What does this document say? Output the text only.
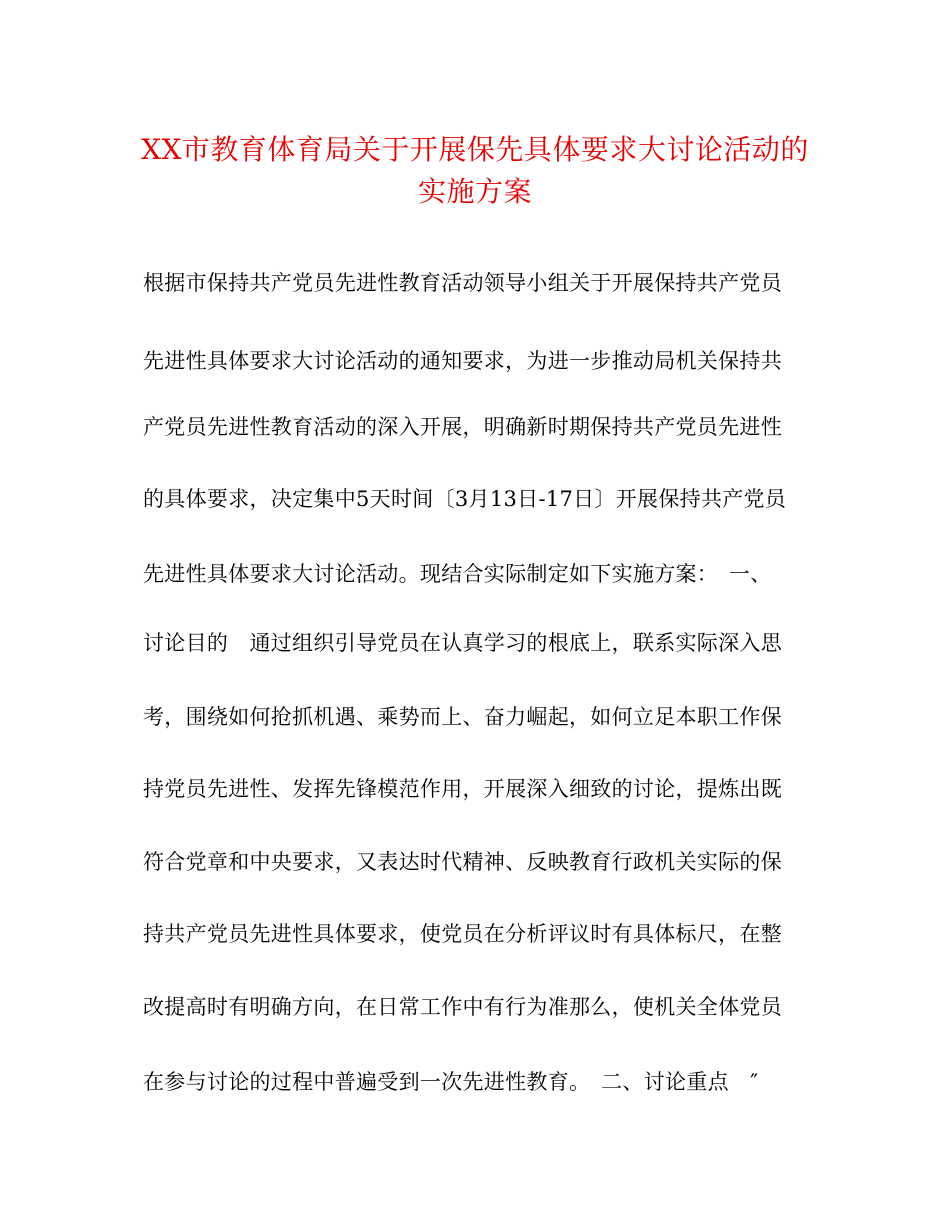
XX市教育体育局关于开展保先具体要求大讨论活动的
实施方案
根据市保持共产党员先进性教育活动领导小组关于开展保持共产党员
先进性具体要求大讨论活动的通知要求，为进一步推动局机关保持共
产党员先进性教育活动的深入开展，明确新时期保持共产党员先进性
的具体要求，决定集中5天时间〔3月13日-17日〕开展保持共产党员
先进性具体要求大讨论活动。现结合实际制定如下实施方案：　一、
讨论目的　通过组织引导党员在认真学习的根底上，联系实际深入思
考，围绕如何抢抓机遇、乘势而上、奋力崛起，如何立足本职工作保
持党员先进性、发挥先锋模范作用，开展深入细致的讨论，提炼出既
符合党章和中央要求，又表达时代精神、反映教育行政机关实际的保
持共产党员先进性具体要求，使党员在分析评议时有具体标尺，在整
改提高时有明确方向，在日常工作中有行为准那么，使机关全体党员
在参与讨论的过程中普遍受到一次先进性教育。　二、讨论重点　″
